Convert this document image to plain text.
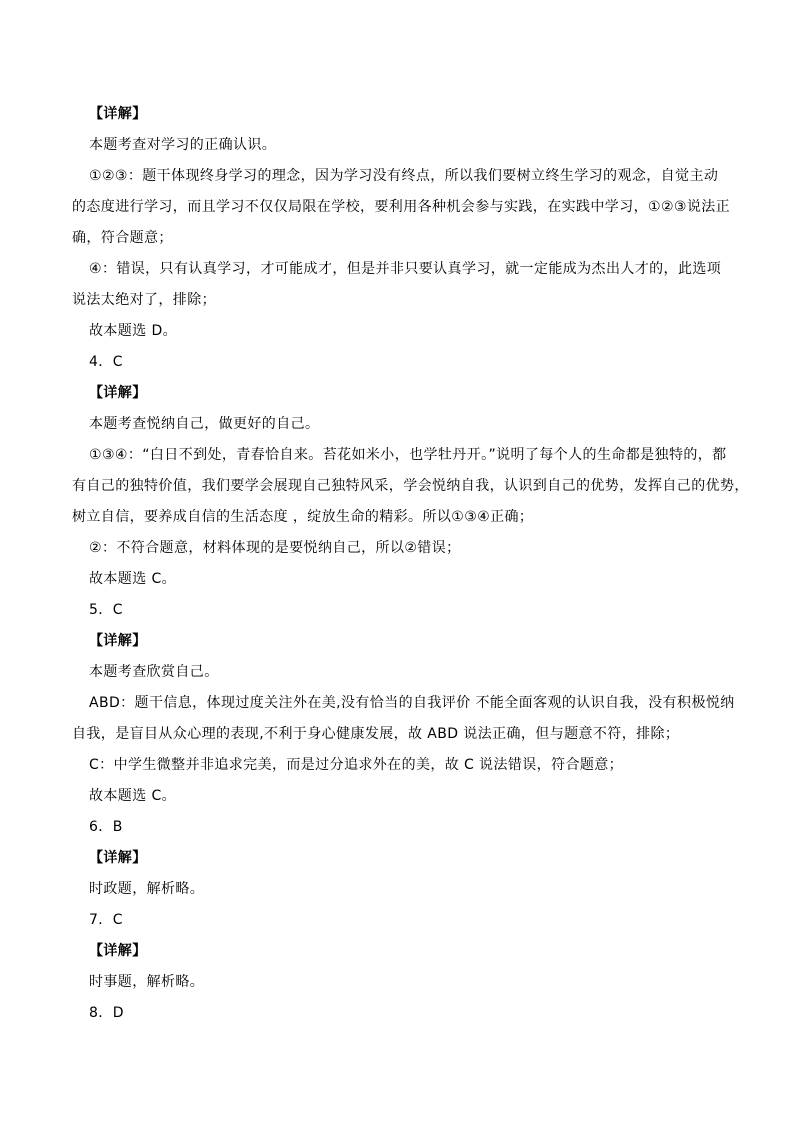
【详解】
本题考查对学习的正确认识。
①②③：题干体现终身学习的理念，因为学习没有终点，所以我们要树立终生学习的观念，自觉主动
的态度进行学习，而且学习不仅仅局限在学校，要利用各种机会参与实践，在实践中学习，①②③说法正
确，符合题意；
④：错误，只有认真学习，才可能成才，但是并非只要认真学习，就一定能成为杰出人才的，此选项
说法太绝对了，排除；
故本题选 D。
4．C
【详解】
本题考查悦纳自己，做更好的自己。
①③④：“白日不到处，青春恰自来。苔花如米小，也学牡丹开。”说明了每个人的生命都是独特的，都
有自己的独特价值，我们要学会展现自己独特风采，学会悦纳自我，认识到自己的优势，发挥自己的优势，
树立自信，要养成自信的生活态度 ，绽放生命的精彩。所以①③④正确；
②：不符合题意，材料体现的是要悦纳自己，所以②错误；
故本题选 C。
5．C
【详解】
本题考查欣赏自己。
ABD：题干信息，体现过度关注外在美,没有恰当的自我评价 不能全面客观的认识自我，没有积极悦纳
自我，是盲目从众心理的表现,不利于身心健康发展，故 ABD 说法正确，但与题意不符，排除；
C：中学生微整并非追求完美，而是过分追求外在的美，故 C 说法错误，符合题意；
故本题选 C。
6．B
【详解】
时政题，解析略。
7．C
【详解】
时事题，解析略。
8．D
